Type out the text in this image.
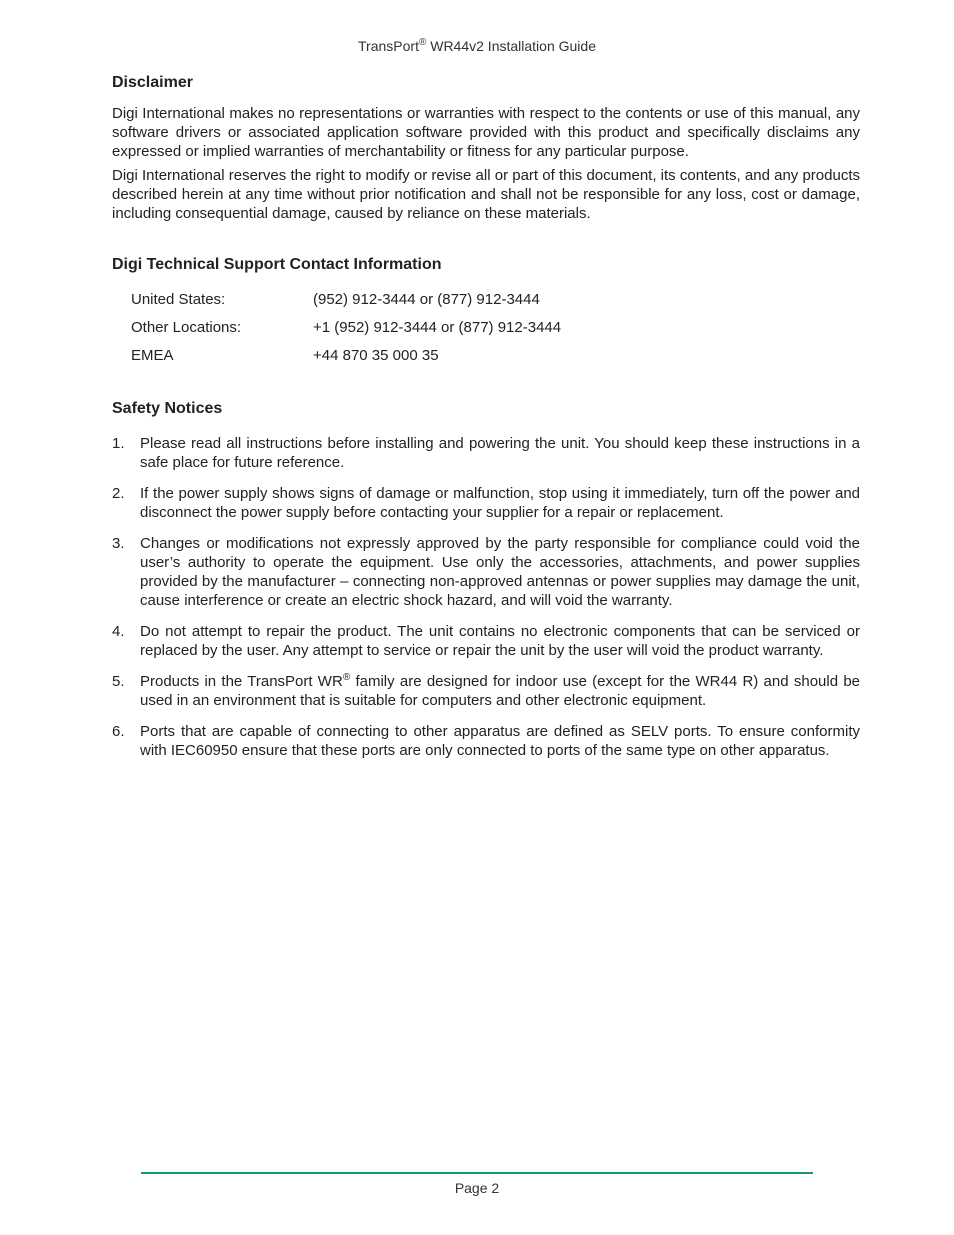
TransPort® WR44v2 Installation Guide
Disclaimer

Digi International makes no representations or warranties with respect to the contents or use of this manual, any software drivers or associated application software provided with this product and specifically disclaims any expressed or implied warranties of merchantability or fitness for any particular purpose.

Digi International reserves the right to modify or revise all or part of this document, its contents, and any products described herein at any time without prior notification and shall not be responsible for any loss, cost or damage, including consequential damage, caused by reliance on these materials.

Digi Technical Support Contact Information
United States:	(952) 912-3444 or (877) 912-3444
Other Locations:	+1 (952) 912-3444 or (877) 912-3444
EMEA	+44 870 35 000 35
Safety Notices
1.	Please read all instructions before installing and powering the unit. You should keep these instructions in a safe place for future reference.
2.	If the power supply shows signs of damage or malfunction, stop using it immediately, turn off the power and disconnect the power supply before contacting your supplier for a repair or replacement.
3.	Changes or modifications not expressly approved by the party responsible for compliance could void the user’s authority to operate the equipment. Use only the accessories, attachments, and power supplies provided by the manufacturer – connecting non-approved antennas or power supplies may damage the unit, cause interference or create an electric shock hazard, and will void the warranty.
4.	Do not attempt to repair the product. The unit contains no electronic components that can be serviced or replaced by the user. Any attempt to service or repair the unit by the user will void the product warranty.
5.	Products in the TransPort WR® family are designed for indoor use (except for the WR44 R) and should be used in an environment that is suitable for computers and other electronic equipment.
6.	Ports that are capable of connecting to other apparatus are defined as SELV ports. To ensure conformity with IEC60950 ensure that these ports are only connected to ports of the same type on other apparatus.
Page 2
